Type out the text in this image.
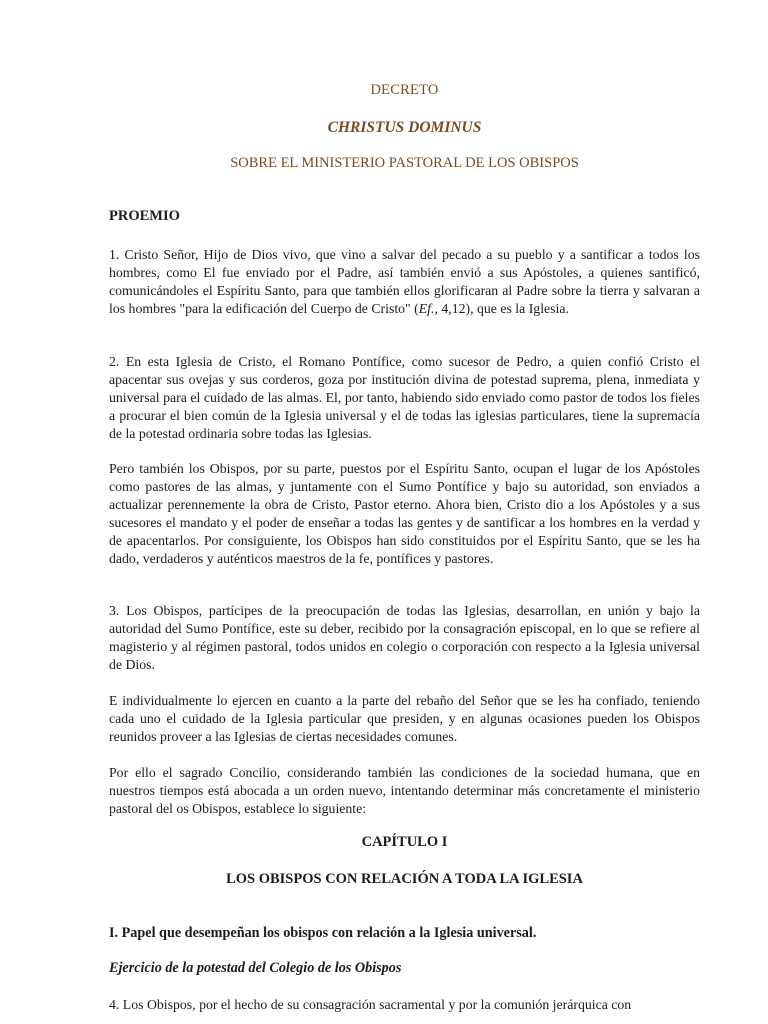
DECRETO
CHRISTUS DOMINUS
SOBRE EL MINISTERIO PASTORAL DE LOS OBISPOS
PROEMIO

1. Cristo Señor, Hijo de Dios vivo, que vino a salvar del pecado a su pueblo y a santificar a todos los hombres, como El fue enviado por el Padre, así también envió a sus Apóstoles, a quienes santificó, comunicándoles el Espíritu Santo, para que también ellos glorificaran al Padre sobre la tierra y salvaran a los hombres "para la edificación del Cuerpo de Cristo" (Ef., 4,12), que es la Iglesia.

2. En esta Iglesia de Cristo, el Romano Pontífice, como sucesor de Pedro, a quien confió Cristo el apacentar sus ovejas y sus corderos, goza por institución divina de potestad suprema, plena, inmediata y universal para el cuidado de las almas. El, por tanto, habiendo sido enviado como pastor de todos los fieles a procurar el bien común de la Iglesia universal y el de todas las iglesias particulares, tiene la supremacía de la potestad ordinaria sobre todas las Iglesias.

Pero también los Obispos, por su parte, puestos por el Espíritu Santo, ocupan el lugar de los Apóstoles como pastores de las almas, y juntamente con el Sumo Pontífice y bajo su autoridad, son enviados a actualizar perennemente la obra de Cristo, Pastor eterno. Ahora bien, Cristo dio a los Apóstoles y a sus sucesores el mandato y el poder de enseñar a todas las gentes y de santificar a los hombres en la verdad y de apacentarlos. Por consiguiente, los Obispos han sido constituidos por el Espíritu Santo, que se les ha dado, verdaderos y auténticos maestros de la fe, pontífices y pastores.

3. Los Obispos, partícipes de la preocupación de todas las Iglesias, desarrollan, en unión y bajo la autoridad del Sumo Pontífice, este su deber, recibido por la consagración episcopal, en lo que se refiere al magisterio y al régimen pastoral, todos unidos en colegio o corporación con respecto a la Iglesia universal de Dios.

E individualmente lo ejercen en cuanto a la parte del rebaño del Señor que se les ha confiado, teniendo cada uno el cuidado de la Iglesia particular que presiden, y en algunas ocasiones pueden los Obispos reunidos proveer a las Iglesias de ciertas necesidades comunes.

Por ello el sagrado Concilio, considerando también las condiciones de la sociedad humana, que en nuestros tiempos está abocada a un orden nuevo, intentando determinar más concretamente el ministerio pastoral del os Obispos, establece lo siguiente:

CAPÍTULO I
LOS OBISPOS CON RELACIÓN A TODA LA IGLESIA
I. Papel que desempeñan los obispos con relación a la Iglesia universal.
Ejercicio de la potestad del Colegio de los Obispos
4. Los Obispos, por el hecho de su consagración sacramental y por la comunión jerárquica con
